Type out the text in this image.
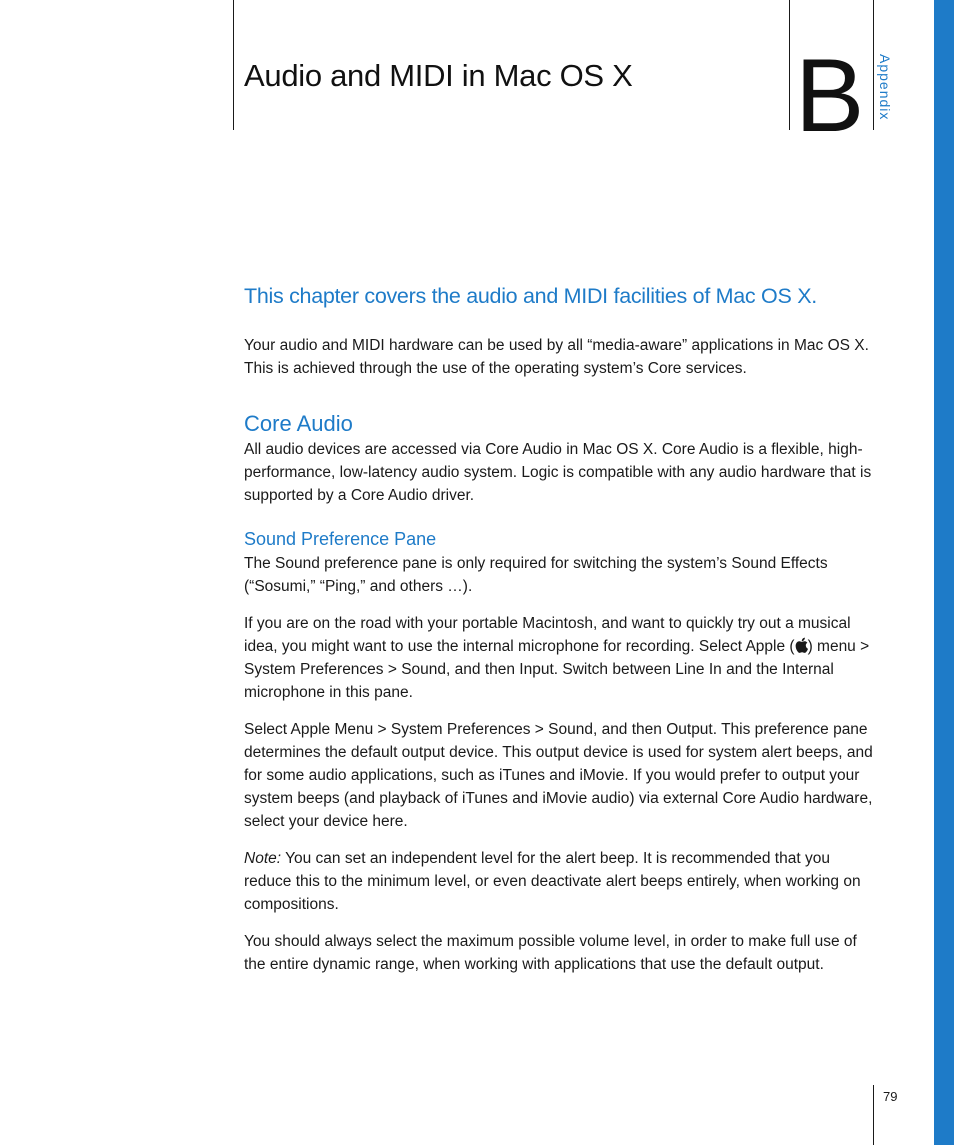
Audio and MIDI in Mac OS X B Appendix

This chapter covers the audio and MIDI facilities of Mac OS X.

Your audio and MIDI hardware can be used by all “media-aware” applications in Mac OS X. This is achieved through the use of the operating system’s Core services.

Core Audio

All audio devices are accessed via Core Audio in Mac OS X. Core Audio is a flexible, high-performance, low-latency audio system. Logic is compatible with any audio hardware that is supported by a Core Audio driver.

Sound Preference Pane

The Sound preference pane is only required for switching the system’s Sound Effects (“Sosumi,” “Ping,” and others …).

If you are on the road with your portable Macintosh, and want to quickly try out a musical idea, you might want to use the internal microphone for recording. Select Apple ( ) menu > System Preferences > Sound, and then Input. Switch between Line In and the Internal microphone in this pane.

Select Apple Menu > System Preferences > Sound, and then Output. This preference pane determines the default output device. This output device is used for system alert beeps, and for some audio applications, such as iTunes and iMovie. If you would prefer to output your system beeps (and playback of iTunes and iMovie audio) via external Core Audio hardware, select your device here.

Note: You can set an independent level for the alert beep. It is recommended that you reduce this to the minimum level, or even deactivate alert beeps entirely, when working on compositions.

You should always select the maximum possible volume level, in order to make full use of the entire dynamic range, when working with applications that use the default output.

79
